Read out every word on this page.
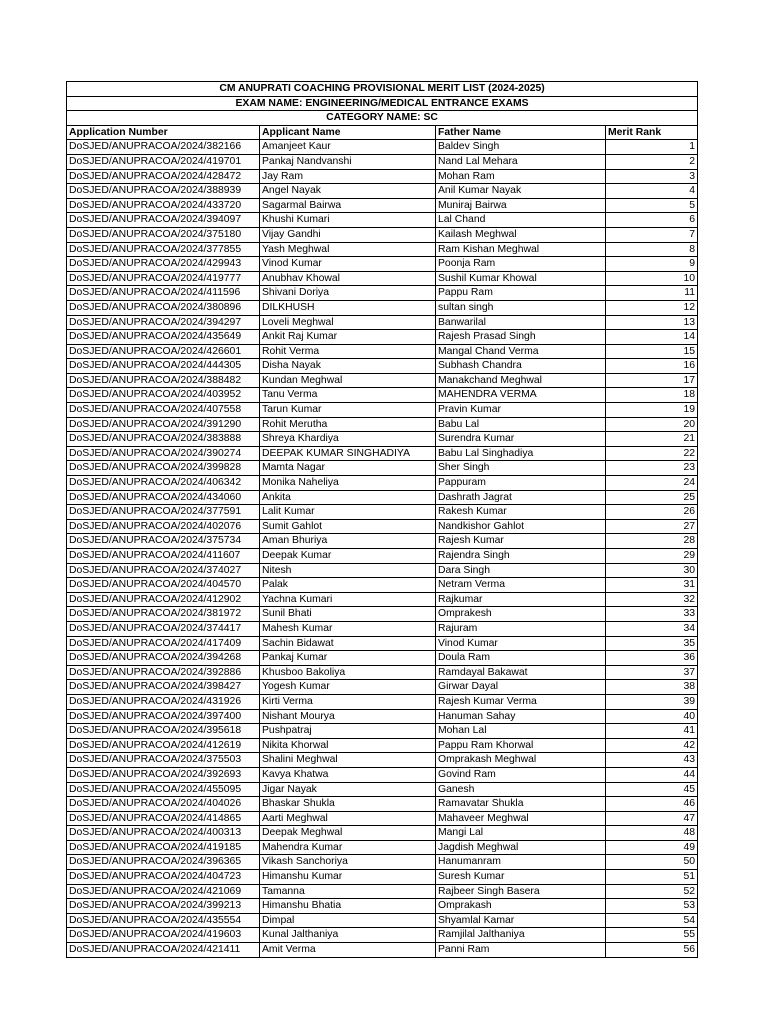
CM ANUPRATI COACHING PROVISIONAL MERIT LIST (2024-2025)			
EXAM NAME: ENGINEERING/MEDICAL ENTRANCE EXAMS			
CATEGORY NAME: SC			
Application Number	Applicant Name	Father Name	Merit Rank
DoSJED/ANUPRACOA/2024/382166	Amanjeet Kaur	Baldev Singh	1
DoSJED/ANUPRACOA/2024/419701	Pankaj Nandvanshi	Nand Lal Mehara	2
DoSJED/ANUPRACOA/2024/428472	Jay Ram	Mohan Ram	3
DoSJED/ANUPRACOA/2024/388939	Angel Nayak	Anil Kumar Nayak	4
DoSJED/ANUPRACOA/2024/433720	Sagarmal Bairwa	Muniraj Bairwa	5
DoSJED/ANUPRACOA/2024/394097	Khushi Kumari	Lal Chand	6
DoSJED/ANUPRACOA/2024/375180	Vijay Gandhi	Kailash Meghwal	7
DoSJED/ANUPRACOA/2024/377855	Yash Meghwal	Ram Kishan Meghwal	8
DoSJED/ANUPRACOA/2024/429943	Vinod Kumar	Poonja Ram	9
DoSJED/ANUPRACOA/2024/419777	Anubhav Khowal	Sushil Kumar Khowal	10
DoSJED/ANUPRACOA/2024/411596	Shivani Doriya	Pappu Ram	11
DoSJED/ANUPRACOA/2024/380896	DILKHUSH	sultan singh	12
DoSJED/ANUPRACOA/2024/394297	Loveli Meghwal	Banwarilal	13
DoSJED/ANUPRACOA/2024/435649	Ankit Raj Kumar	Rajesh Prasad Singh	14
DoSJED/ANUPRACOA/2024/426601	Rohit Verma	Mangal Chand Verma	15
DoSJED/ANUPRACOA/2024/444305	Disha Nayak	Subhash Chandra	16
DoSJED/ANUPRACOA/2024/388482	Kundan Meghwal	Manakchand Meghwal	17
DoSJED/ANUPRACOA/2024/403952	Tanu Verma	MAHENDRA VERMA	18
DoSJED/ANUPRACOA/2024/407558	Tarun Kumar	Pravin Kumar	19
DoSJED/ANUPRACOA/2024/391290	Rohit Merutha	Babu Lal	20
DoSJED/ANUPRACOA/2024/383888	Shreya Khardiya	Surendra Kumar	21
DoSJED/ANUPRACOA/2024/390274	DEEPAK KUMAR SINGHADIYA	Babu Lal Singhadiya	22
DoSJED/ANUPRACOA/2024/399828	Mamta Nagar	Sher Singh	23
DoSJED/ANUPRACOA/2024/406342	Monika Naheliya	Pappuram	24
DoSJED/ANUPRACOA/2024/434060	Ankita	Dashrath Jagrat	25
DoSJED/ANUPRACOA/2024/377591	Lalit Kumar	Rakesh Kumar	26
DoSJED/ANUPRACOA/2024/402076	Sumit Gahlot	Nandkishor Gahlot	27
DoSJED/ANUPRACOA/2024/375734	Aman Bhuriya	Rajesh Kumar	28
DoSJED/ANUPRACOA/2024/411607	Deepak Kumar	Rajendra Singh	29
DoSJED/ANUPRACOA/2024/374027	Nitesh	Dara Singh	30
DoSJED/ANUPRACOA/2024/404570	Palak	Netram Verma	31
DoSJED/ANUPRACOA/2024/412902	Yachna Kumari	Rajkumar	32
DoSJED/ANUPRACOA/2024/381972	Sunil Bhati	Omprakesh	33
DoSJED/ANUPRACOA/2024/374417	Mahesh Kumar	Rajuram	34
DoSJED/ANUPRACOA/2024/417409	Sachin Bidawat	Vinod Kumar	35
DoSJED/ANUPRACOA/2024/394268	Pankaj Kumar	Doula Ram	36
DoSJED/ANUPRACOA/2024/392886	Khusboo Bakoliya	Ramdayal Bakawat	37
DoSJED/ANUPRACOA/2024/398427	Yogesh Kumar	Girwar Dayal	38
DoSJED/ANUPRACOA/2024/431926	Kirti Verma	Rajesh Kumar Verma	39
DoSJED/ANUPRACOA/2024/397400	Nishant Mourya	Hanuman Sahay	40
DoSJED/ANUPRACOA/2024/395618	Pushpatraj	Mohan Lal	41
DoSJED/ANUPRACOA/2024/412619	Nikita Khorwal	Pappu Ram Khorwal	42
DoSJED/ANUPRACOA/2024/375503	Shalini Meghwal	Omprakash Meghwal	43
DoSJED/ANUPRACOA/2024/392693	Kavya Khatwa	Govind Ram	44
DoSJED/ANUPRACOA/2024/455095	Jigar Nayak	Ganesh	45
DoSJED/ANUPRACOA/2024/404026	Bhaskar Shukla	Ramavatar Shukla	46
DoSJED/ANUPRACOA/2024/414865	Aarti Meghwal	Mahaveer Meghwal	47
DoSJED/ANUPRACOA/2024/400313	Deepak Meghwal	Mangi Lal	48
DoSJED/ANUPRACOA/2024/419185	Mahendra Kumar	Jagdish Meghwal	49
DoSJED/ANUPRACOA/2024/396365	Vikash Sanchoriya	Hanumanram	50
DoSJED/ANUPRACOA/2024/404723	Himanshu Kumar	Suresh Kumar	51
DoSJED/ANUPRACOA/2024/421069	Tamanna	Rajbeer Singh Basera	52
DoSJED/ANUPRACOA/2024/399213	Himanshu Bhatia	Omprakash	53
DoSJED/ANUPRACOA/2024/435554	Dimpal	Shyamlal Kamar	54
DoSJED/ANUPRACOA/2024/419603	Kunal Jalthaniya	Ramjilal Jalthaniya	55
DoSJED/ANUPRACOA/2024/421411	Amit Verma	Panni Ram	56
